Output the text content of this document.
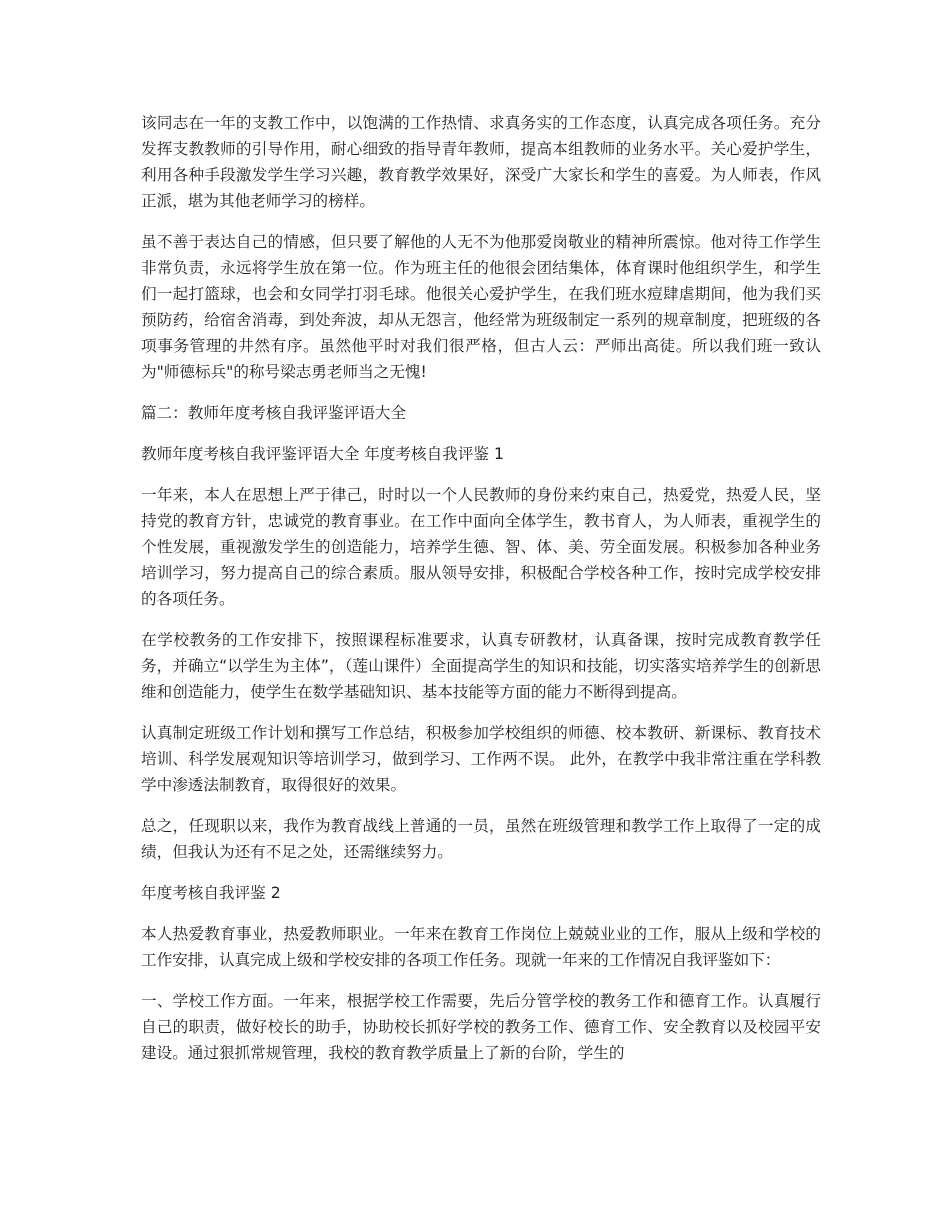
该同志在一年的支教工作中，以饱满的工作热情、求真务实的工作态度，认真完成各项任务。充分发挥支教教师的引导作用，耐心细致的指导青年教师，提高本组教师的业务水平。关心爱护学生，利用各种手段激发学生学习兴趣，教育教学效果好，深受广大家长和学生的喜爱。为人师表，作风正派，堪为其他老师学习的榜样。

虽不善于表达自己的情感，但只要了解他的人无不为他那爱岗敬业的精神所震惊。他对待工作学生非常负责，永远将学生放在第一位。作为班主任的他很会团结集体，体育课时他组织学生，和学生们一起打篮球，也会和女同学打羽毛球。他很关心爱护学生，在我们班水痘肆虐期间，他为我们买预防药，给宿舍消毒，到处奔波，却从无怨言，他经常为班级制定一系列的规章制度，把班级的各项事务管理的井然有序。虽然他平时对我们很严格，但古人云：严师出高徒。所以我们班一致认为"师德标兵"的称号梁志勇老师当之无愧!

篇二：教师年度考核自我评鉴评语大全

教师年度考核自我评鉴评语大全 年度考核自我评鉴 1

一年来，本人在思想上严于律己，时时以一个人民教师的身份来约束自己，热爱党，热爱人民，坚持党的教育方针，忠诚党的教育事业。在工作中面向全体学生，教书育人，为人师表，重视学生的个性发展，重视激发学生的创造能力，培养学生德、智、体、美、劳全面发展。积极参加各种业务培训学习，努力提高自己的综合素质。服从领导安排，积极配合学校各种工作，按时完成学校安排的各项任务。

在学校教务的工作安排下，按照课程标准要求，认真专研教材，认真备课，按时完成教育教学任务，并确立“以学生为主体”，（莲山课件）全面提高学生的知识和技能，切实落实培养学生的创新思维和创造能力，使学生在数学基础知识、基本技能等方面的能力不断得到提高。

认真制定班级工作计划和撰写工作总结，积极参加学校组织的师德、校本教研、新课标、教育技术培训、科学发展观知识等培训学习，做到学习、工作两不误。 此外，在教学中我非常注重在学科教学中渗透法制教育，取得很好的效果。

总之，任现职以来，我作为教育战线上普通的一员，虽然在班级管理和教学工作上取得了一定的成绩，但我认为还有不足之处，还需继续努力。

年度考核自我评鉴 2

本人热爱教育事业，热爱教师职业。一年来在教育工作岗位上兢兢业业的工作，服从上级和学校的工作安排，认真完成上级和学校安排的各项工作任务。现就一年来的工作情况自我评鉴如下：

一、学校工作方面。一年来，根据学校工作需要，先后分管学校的教务工作和德育工作。认真履行自己的职责，做好校长的助手，协助校长抓好学校的教务工作、德育工作、安全教育以及校园平安建设。通过狠抓常规管理，我校的教育教学质量上了新的台阶，学生的
